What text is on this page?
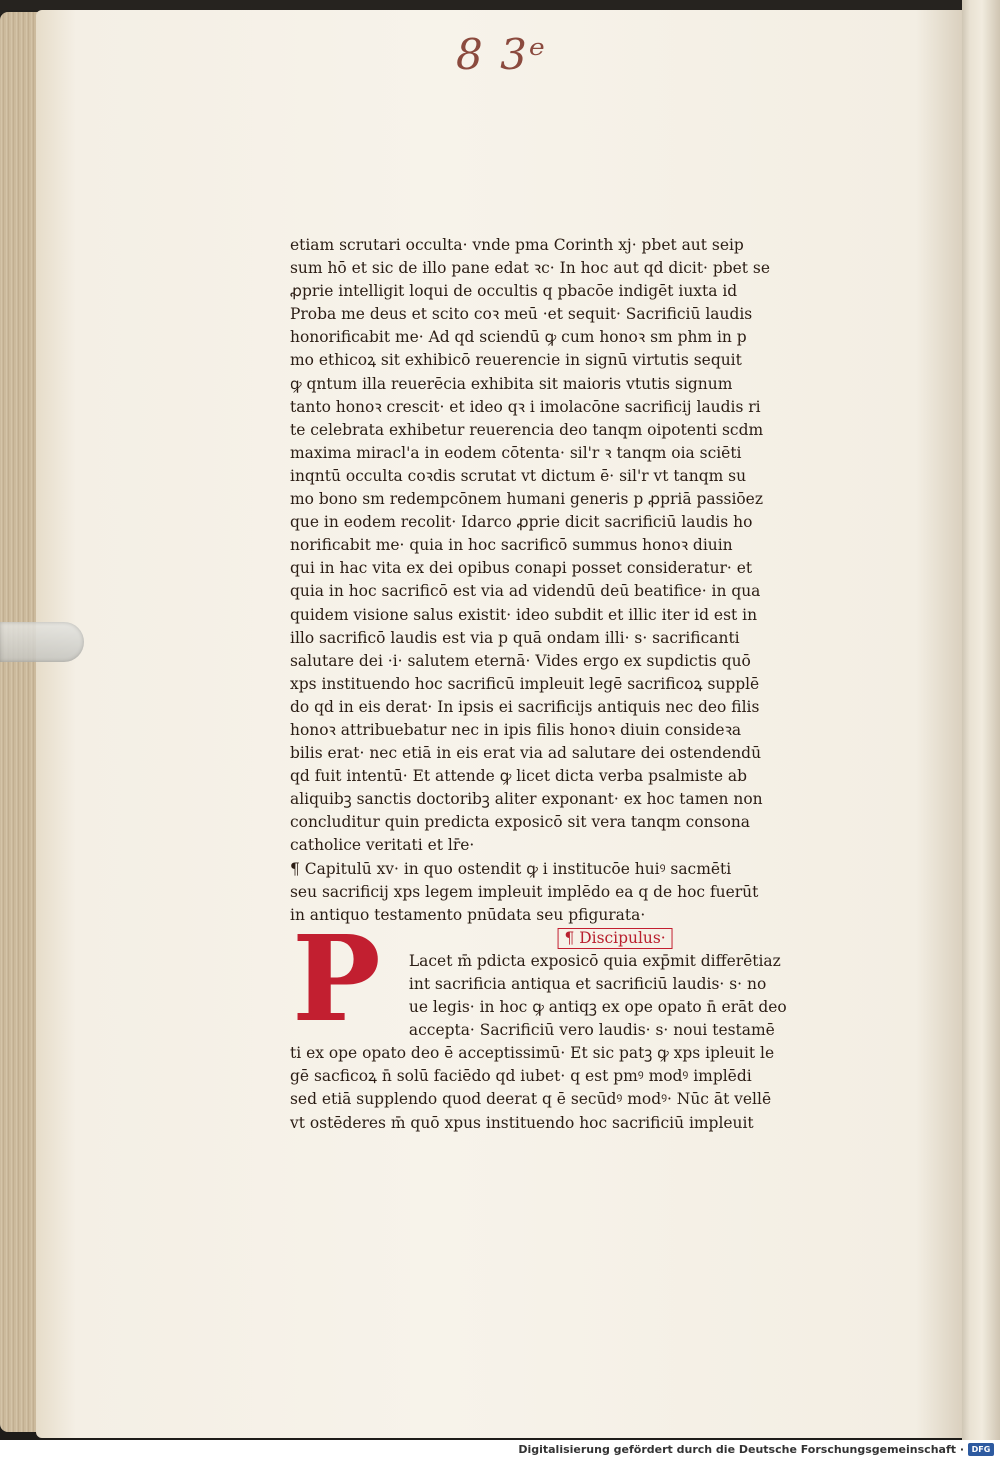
8 3ᵉ
etiam scrutari occulta· vnde pma Corinth xj· pbet aut seip
sum hō et sic de illo pane edat ꝛc· In hoc aut qd dicit· pbet se
ꝓprie intelligit loqui de occultis q pbacōe indigēt iuxta id
Proba me deus et scito coꝛ meū ·et sequit· Sacrificiū laudis
honorificabit me· Ad qd sciendū ꝙ cum honoꝛ sm phm in p
mo ethicoꝝ sit exhibicō reuerencie in signū virtutis sequit
ꝙ qntum illa reuerēcia exhibita sit maioris vtutis signum
tanto honoꝛ crescit· et ideo qꝛ i imolacōne sacrificij laudis ri
te celebrata exhibetur reuerencia deo tanqm oipotenti scdm
maxima miracl'a in eodem cōtenta· sil'r ꝛ tanqm oia sciēti
inqntū occulta coꝛdis scrutat vt dictum ē· sil'r vt tanqm su
mo bono sm redempcōnem humani generis p ꝓpriā passiōez
que in eodem recolit· Idarco ꝓprie dicit sacrificiū laudis ho
norificabit me· quia in hoc sacrificō summus honoꝛ diuin
qui in hac vita ex dei opibus conapi posset consideratur· et
quia in hoc sacrificō est via ad videndū deū beatifice· in qua
quidem visione salus existit· ideo subdit et illic iter id est in
illo sacrificō laudis est via p quā ondam illi· s· sacrificanti
salutare dei ·i· salutem eternā· Vides ergo ex supdictis quō
xps instituendo hoc sacrificū impleuit legē sacrificoꝝ supplē
do qd in eis derat· In ipsis ei sacrificijs antiquis nec deo filis
honoꝛ attribuebatur nec in ipis filis honoꝛ diuin consideꝛa
bilis erat· nec etiā in eis erat via ad salutare dei ostendendū
qd fuit intentū· Et attende ꝙ licet dicta verba psalmiste ab
aliquibꝫ sanctis doctoribꝫ aliter exponant· ex hoc tamen non
concluditur quin predicta exposicō sit vera tanqm consona
catholice veritati et lr̄e·
¶ Capitulū xv· in quo ostendit ꝙ i institucōe huiꝰ sacmēti
seu sacrificij xps legem impleuit implēdo ea q de hoc fuerūt
in antiquo testamento pnūdata seu pfigurata·
¶ Discipulus·
Lacet m̄ pdicta exposicō quia exp̄mit differētiaz
int sacrificia antiqua et sacrificiū laudis· s· no
ue legis· in hoc ꝙ antiqꝫ ex ope opato n̄ erāt deo
accepta· Sacrificiū vero laudis· s· noui testamē
ti ex ope opato deo ē acceptissimū· Et sic patꝫ ꝙ xps ipleuit le
gē sacficoꝝ n̄ solū faciēdo qd iubet· q est pmꝰ modꝰ implēdi
sed etiā supplendo quod deerat q ē secūdꝰ modꝰ· Nūc āt vellē
vt ostēderes m̄ quō xpus instituendo hoc sacrificiū impleuit
P
Digitalisierung gefördert durch die Deutsche Forschungsgemeinschaft · DFG
